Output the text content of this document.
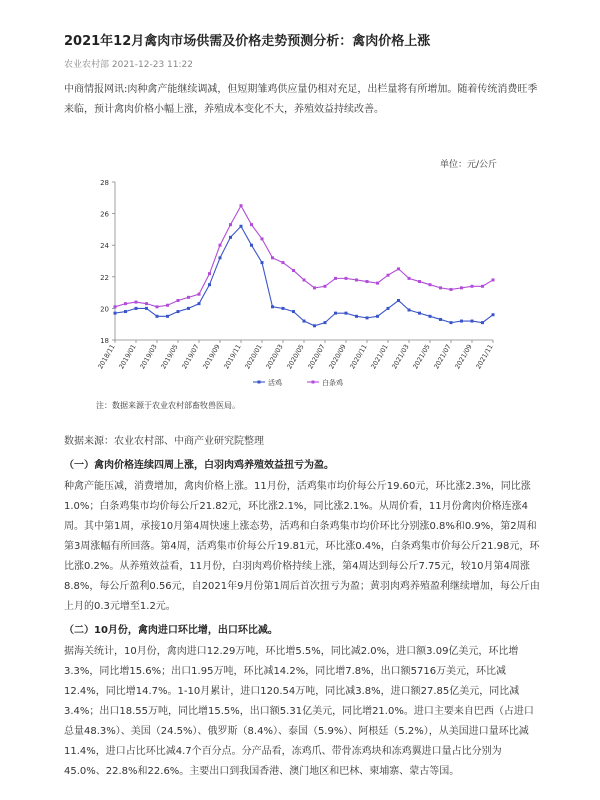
2021年12月禽肉市场供需及价格走势预测分析：禽肉价格上涨
农业农村部 2021-12-23 11:22

中商情报网讯:肉种禽产能继续调减，但短期雏鸡供应量仍相对充足，出栏量将有所增加。随着传统消费旺季来临，预计禽肉价格小幅上涨，养殖成本变化不大，养殖效益持续改善。

单位：元/公斤
18
20
22
24
26
28
2018/11 2019/01 2019/03 2019/05 2019/07 2019/09 2019/11 2020/01 2020/03 2020/05 2020/07 2020/09 2020/11 2021/01 2021/03 2021/05 2021/07 2021/09 2021/11
活鸡	白条鸡
注：数据来源于农业农村部畜牧兽医局。
数据来源：农业农村部、中商产业研究院整理
（一）禽肉价格连续四周上涨，白羽肉鸡养殖效益扭亏为盈。

种禽产能压减，消费增加，禽肉价格上涨。11月份，活鸡集市均价每公斤19.60元，环比涨2.3%，同比涨1.0%；白条鸡集市均价每公斤21.82元，环比涨2.1%，同比涨2.1%。从周价看，11月份禽肉价格连涨4周。其中第1周，承接10月第4周快速上涨态势，活鸡和白条鸡集市均价环比分别涨0.8%和0.9%，第2周和第3周涨幅有所回落。第4周，活鸡集市价每公斤19.81元，环比涨0.4%，白条鸡集市价每公斤21.98元，环比涨0.2%。从养殖效益看，11月份，白羽肉鸡价格持续上涨，第4周达到每公斤7.75元，较10月第4周涨8.8%，每公斤盈利0.56元，自2021年9月份第1周后首次扭亏为盈；黄羽肉鸡养殖盈利继续增加，每公斤由上月的0.3元增至1.2元。

（二）10月份，禽肉进口环比增，出口环比减。

据海关统计，10月份，禽肉进口12.29万吨，环比增5.5%，同比减2.0%，进口额3.09亿美元，环比增3.3%，同比增15.6%；出口1.95万吨，环比减14.2%，同比增7.8%，出口额5716万美元，环比减12.4%，同比增14.7%。1-10月累计，进口120.54万吨，同比减3.8%，进口额27.85亿美元，同比减3.4%；出口18.55万吨，同比增15.5%，出口额5.31亿美元，同比增21.0%。进口主要来自巴西（占进口总量48.3%）、美国（24.5%）、俄罗斯（8.4%）、泰国（5.9%）、阿根廷（5.2%），从美国进口量环比减11.4%，进口占比环比减4.7个百分点。分产品看，冻鸡爪、带骨冻鸡块和冻鸡翼进口量占比分别为45.0%、22.8%和22.6%。主要出口到我国香港、澳门地区和巴林、柬埔寨、蒙古等国。
